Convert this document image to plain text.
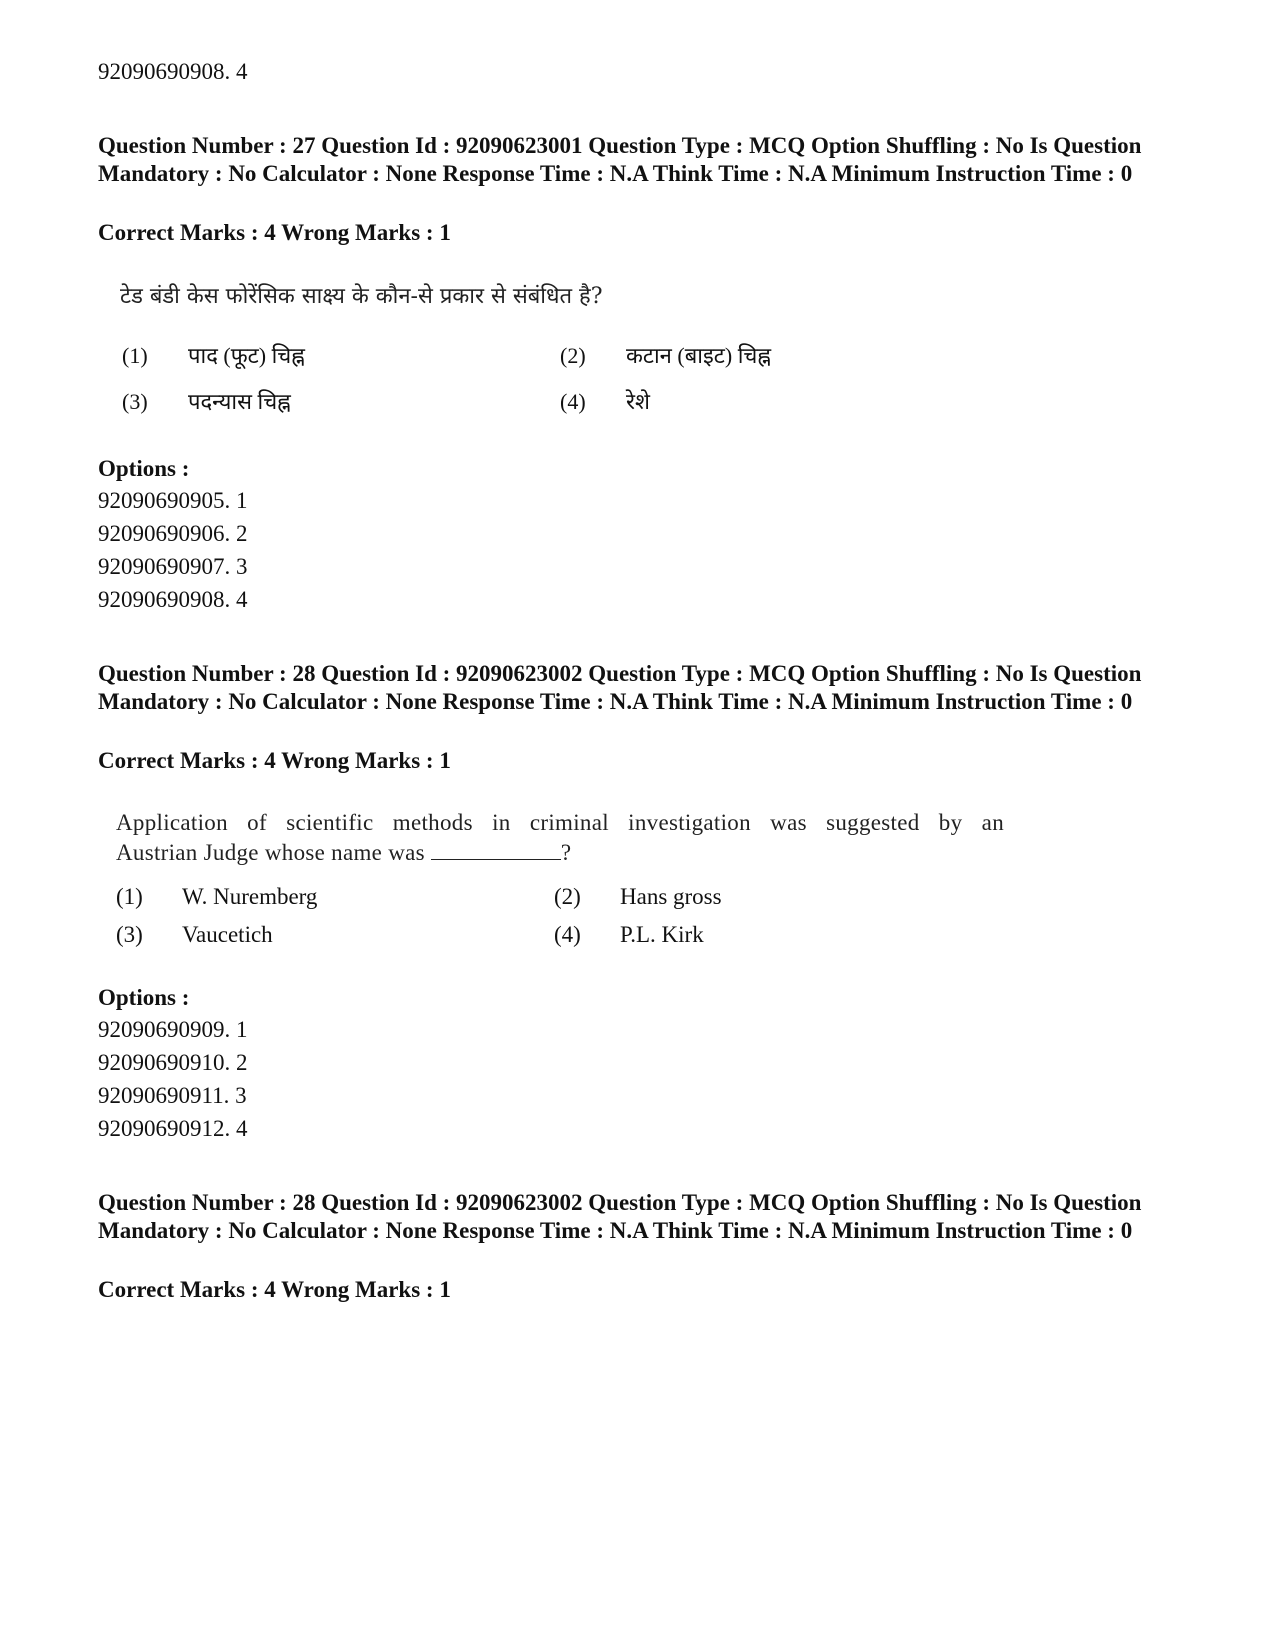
92090690908. 4
Question Number : 27 Question Id : 92090623001 Question Type : MCQ Option Shuffling : No Is Question Mandatory : No Calculator : None Response Time : N.A Think Time : N.A Minimum Instruction Time : 0
Correct Marks : 4 Wrong Marks : 1
टेड बंडी केस फोरेंसिक साक्ष्य के कौन-से प्रकार से संबंधित है?
(1) पाद (फूट) चिह्न	(2) कटान (बाइट) चिह्न
(3) पदन्यास चिह्न	(4) रेशे
Options :
92090690905. 1
92090690906. 2
92090690907. 3
92090690908. 4
Question Number : 28 Question Id : 92090623002 Question Type : MCQ Option Shuffling : No Is Question Mandatory : No Calculator : None Response Time : N.A Think Time : N.A Minimum Instruction Time : 0
Correct Marks : 4 Wrong Marks : 1
Application of scientific methods in criminal investigation was suggested by an
Austrian Judge whose name was	?
(1) W. Nuremberg	(2) Hans gross
(3) Vaucetich	(4) P.L. Kirk
Options :
92090690909. 1
92090690910. 2
92090690911. 3
92090690912. 4
Question Number : 28 Question Id : 92090623002 Question Type : MCQ Option Shuffling : No Is Question Mandatory : No Calculator : None Response Time : N.A Think Time : N.A Minimum Instruction Time : 0
Correct Marks : 4 Wrong Marks : 1
